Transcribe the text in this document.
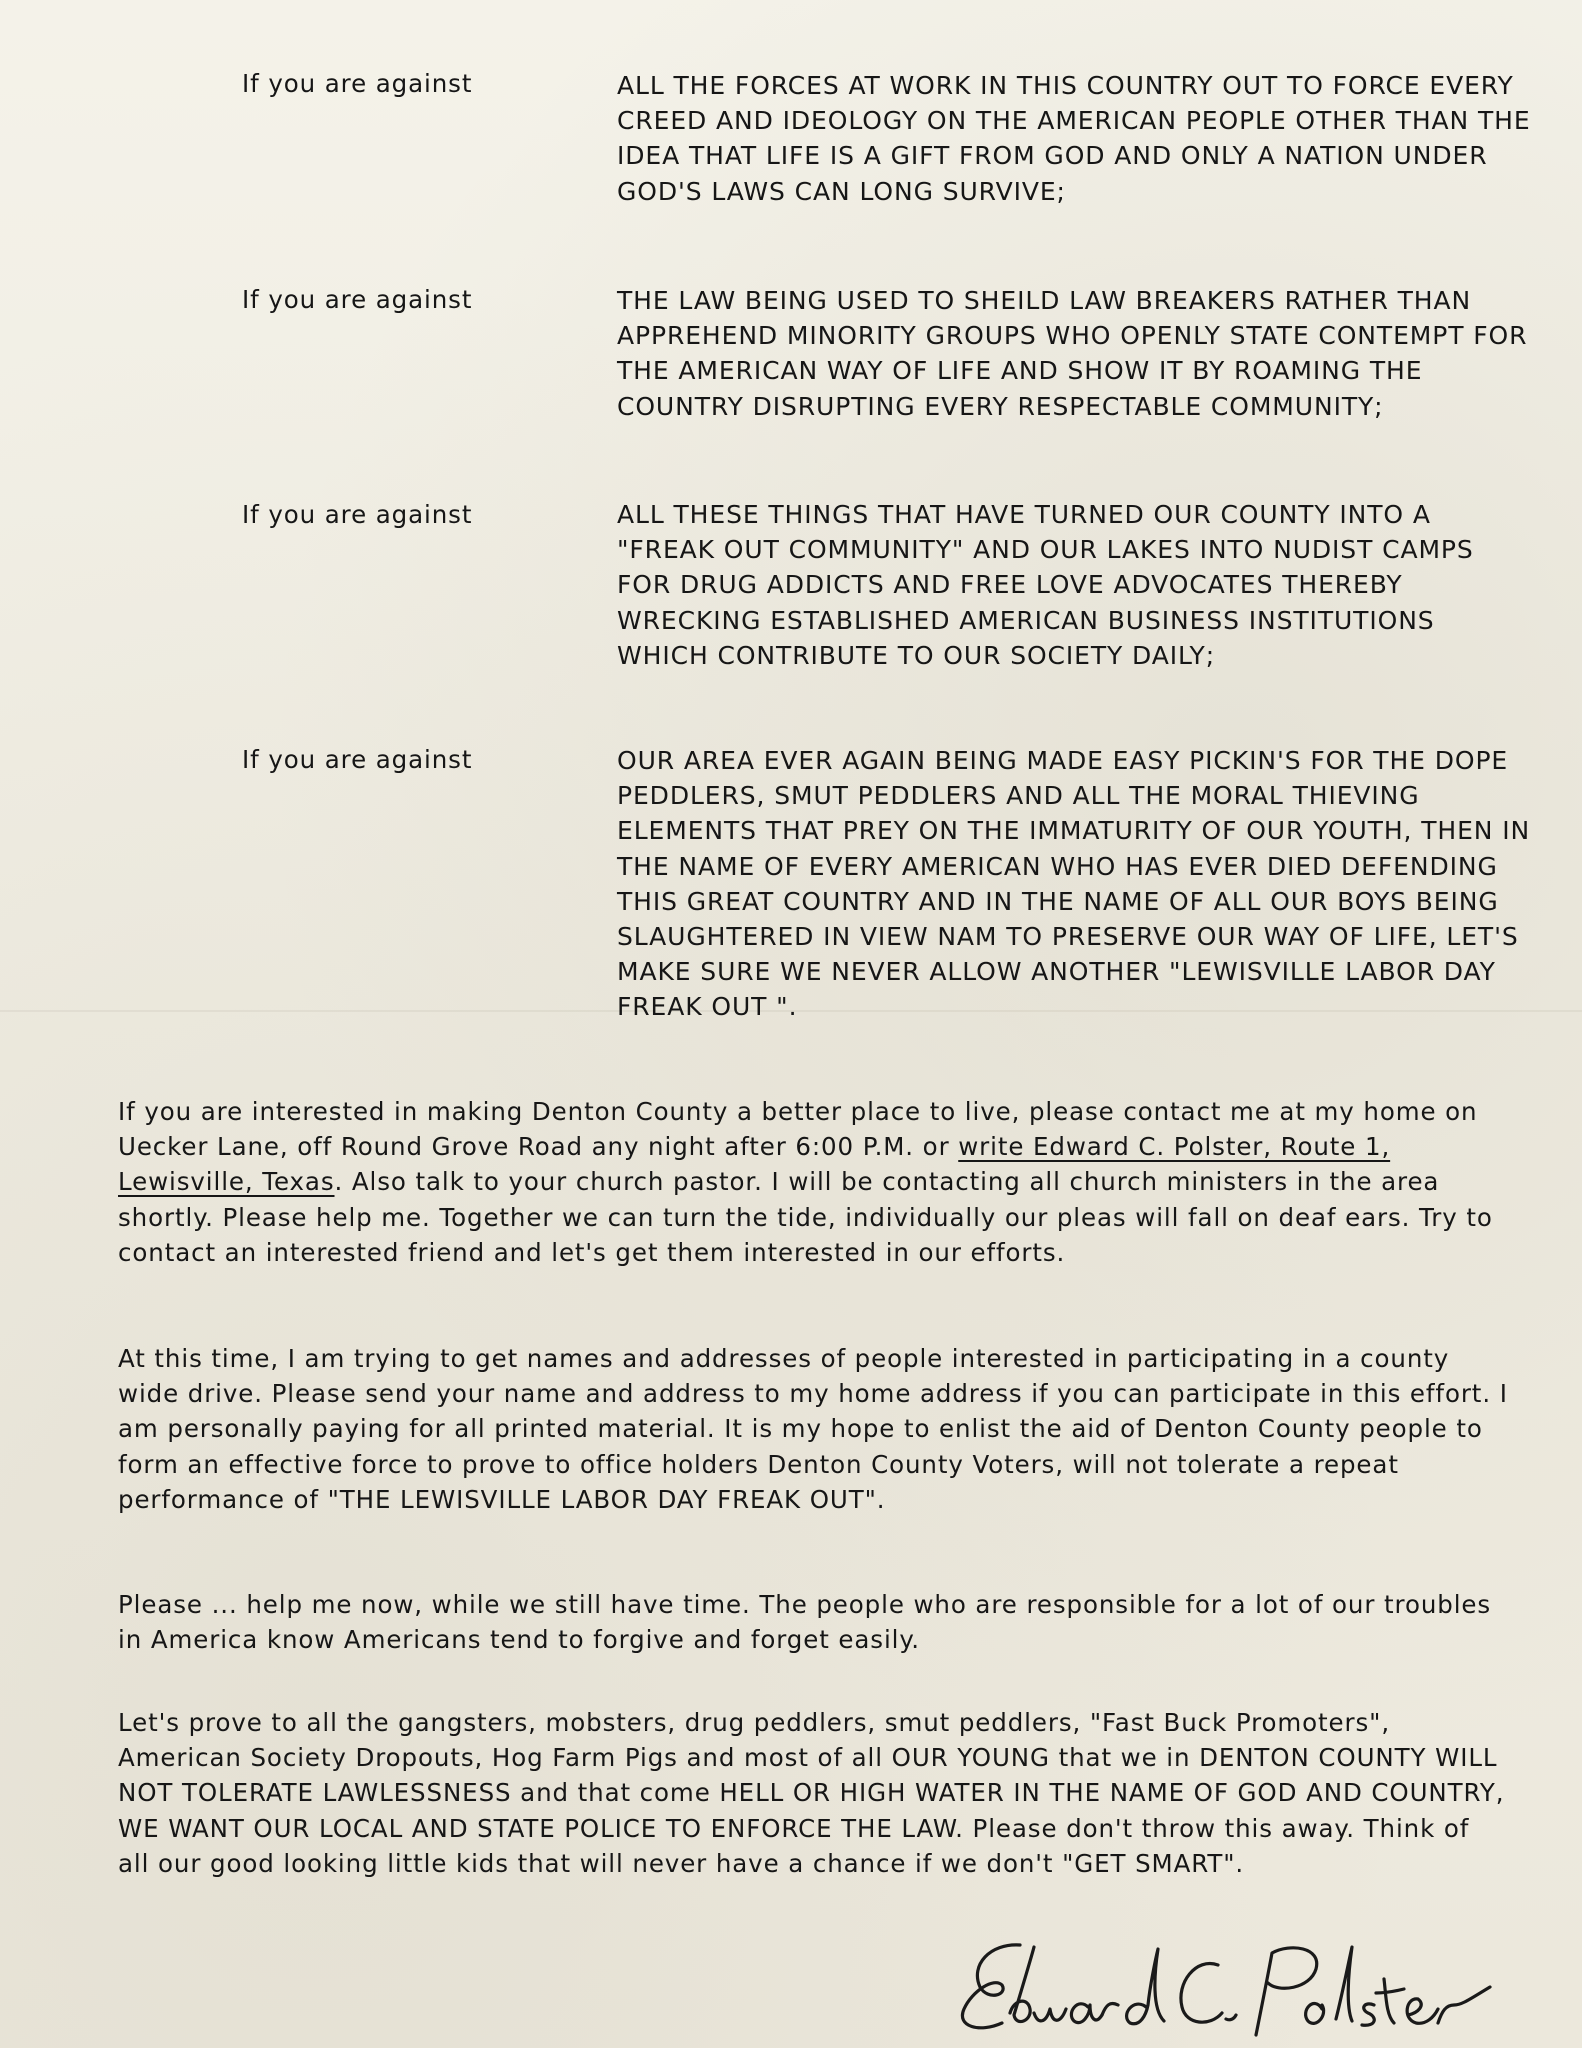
If you are against	ALL THE FORCES AT WORK IN THIS COUNTRY OUT TO FORCE EVERY CREED AND IDEOLOGY ON THE AMERICAN PEOPLE OTHER THAN THE IDEA THAT LIFE IS A GIFT FROM GOD AND ONLY A NATION UNDER GOD'S LAWS CAN LONG SURVIVE;
If you are against	THE LAW BEING USED TO SHEILD LAW BREAKERS RATHER THAN APPREHEND MINORITY GROUPS WHO OPENLY STATE CONTEMPT FOR THE AMERICAN WAY OF LIFE AND SHOW IT BY ROAMING THE COUNTRY DISRUPTING EVERY RESPECTABLE COMMUNITY;
If you are against	ALL THESE THINGS THAT HAVE TURNED OUR COUNTY INTO A "FREAK OUT COMMUNITY" AND OUR LAKES INTO NUDIST CAMPS FOR DRUG ADDICTS AND FREE LOVE ADVOCATES THEREBY WRECKING ESTABLISHED AMERICAN BUSINESS INSTITUTIONS WHICH CONTRIBUTE TO OUR SOCIETY DAILY;
If you are against	OUR AREA EVER AGAIN BEING MADE EASY PICKIN'S FOR THE DOPE PEDDLERS, SMUT PEDDLERS AND ALL THE MORAL THIEVING ELEMENTS THAT PREY ON THE IMMATURITY OF OUR YOUTH, THEN IN THE NAME OF EVERY AMERICAN WHO HAS EVER DIED DEFENDING THIS GREAT COUNTRY AND IN THE NAME OF ALL OUR BOYS BEING SLAUGHTERED IN VIEW NAM TO PRESERVE OUR WAY OF LIFE, LET'S MAKE SURE WE NEVER ALLOW ANOTHER "LEWISVILLE LABOR DAY FREAK OUT ".
If you are interested in making Denton County a better place to live, please contact me at my home on Uecker Lane, off Round Grove Road any night after 6:00 P.M. or write Edward C. Polster, Route 1, Lewisville, Texas. Also talk to your church pastor. I will be contacting all church ministers in the area shortly. Please help me. Together we can turn the tide, individually our pleas will fall on deaf ears. Try to contact an interested friend and let's get them interested in our efforts.
At this time, I am trying to get names and addresses of people interested in participating in a county wide drive. Please send your name and address to my home address if you can participate in this effort. I am personally paying for all printed material. It is my hope to enlist the aid of Denton County people to form an effective force to prove to office holders Denton County Voters, will not tolerate a repeat performance of "THE LEWISVILLE LABOR DAY FREAK OUT".
Please ... help me now, while we still have time. The people who are responsible for a lot of our troubles in America know Americans tend to forgive and forget easily.
Let's prove to all the gangsters, mobsters, drug peddlers, smut peddlers, "Fast Buck Promoters", American Society Dropouts, Hog Farm Pigs and most of all OUR YOUNG that we in DENTON COUNTY WILL NOT TOLERATE LAWLESSNESS and that come HELL OR HIGH WATER IN THE NAME OF GOD AND COUNTRY, WE WANT OUR LOCAL AND STATE POLICE TO ENFORCE THE LAW. Please don't throw this away. Think of all our good looking little kids that will never have a chance if we don't "GET SMART".
